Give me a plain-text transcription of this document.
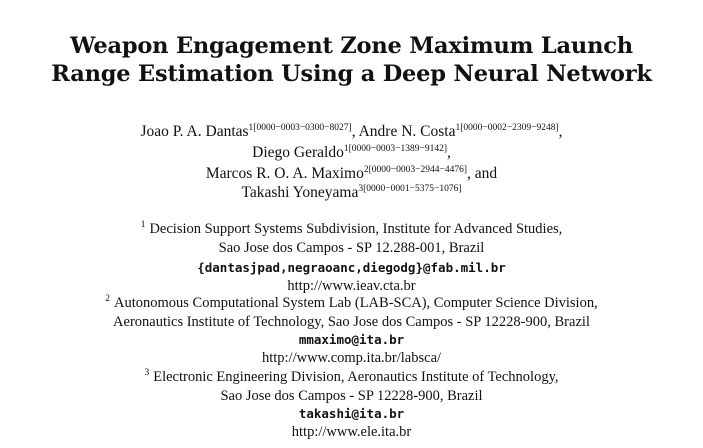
Weapon Engagement Zone Maximum Launch
Range Estimation Using a Deep Neural Network
Joao P. A. Dantas$^{1[0000-0003-0300-8027]}$, Andre N. Costa$^{1[0000-0002-2309-9248]}$,
Diego Geraldo$^{1[0000-0003-1389-9142]}$,
Marcos R. O. A. Maximo$^{2[0000-0003-2944-4476]}$, and
Takashi Yoneyama$^{3[0000-0001-5375-1076]}$
$^1$ Decision Support Systems Subdivision, Institute for Advanced Studies,
Sao Jose dos Campos - SP 12.288-001, Brazil
{dantasjpad,negraoanc,diegodg}@fab.mil.br
http://www.ieav.cta.br
$^2$ Autonomous Computational System Lab (LAB-SCA), Computer Science Division,
Aeronautics Institute of Technology, Sao Jose dos Campos - SP 12228-900, Brazil
mmaximo@ita.br
http://www.comp.ita.br/labsca/
$^3$ Electronic Engineering Division, Aeronautics Institute of Technology,
Sao Jose dos Campos - SP 12228-900, Brazil
takashi@ita.br
http://www.ele.ita.br
